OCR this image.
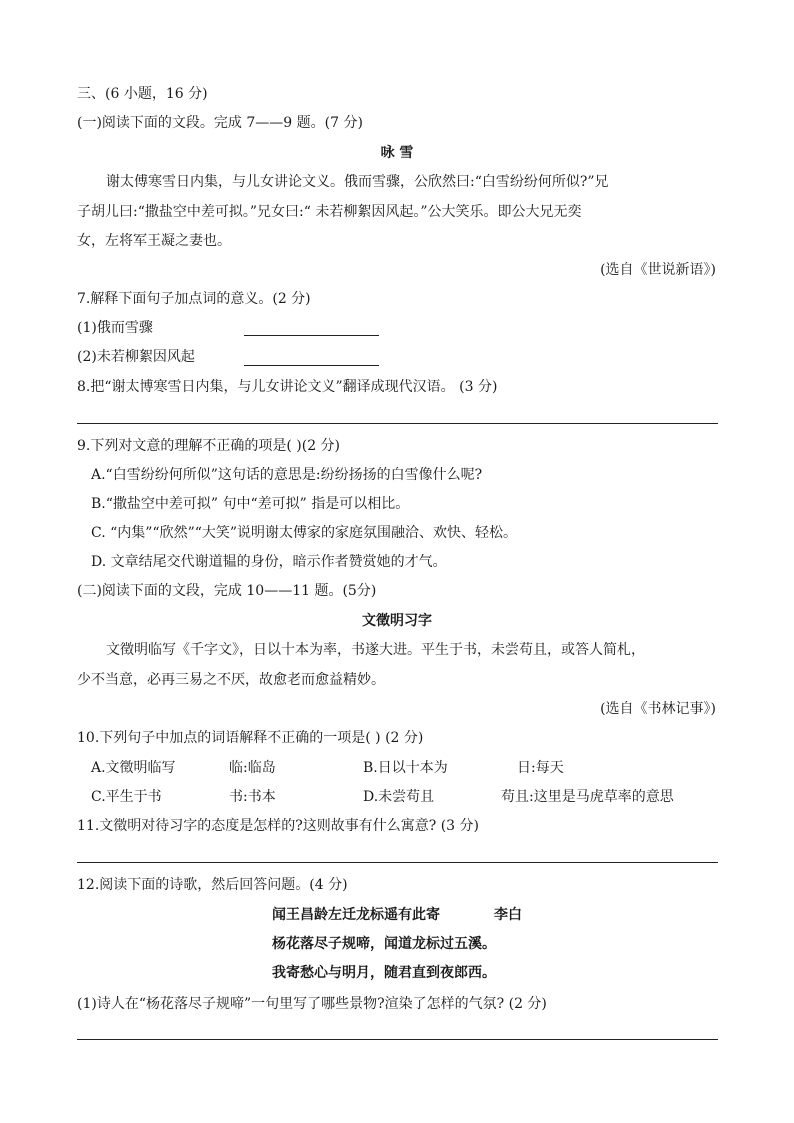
三、(6 小题，16 分)
(一)阅读下面的文段。完成 7——9 题。(7 分)
咏 雪
谢太傅寒雪日内集，与儿女讲论文义。俄而雪骤，公欣然曰:“白雪纷纷何所似?”兄
子胡儿曰:“撒盐空中差可拟。”兄女曰:“ 未若柳絮因风起。”公大笑乐。即公大兄无奕
女，左将军王凝之妻也。
(选自《世说新语》)
7.解释下面句子加点词的意义。(2 分)
(1)俄而雪骤
(2)未若柳絮因风起
8.把“谢太博寒雪日内集，与儿女讲论文义”翻译成现代汉语。 (3 分)
9.下列对文意的理解不正确的项是( )(2 分)
A.“白雪纷纷何所似”这句话的意思是:纷纷扬扬的白雪像什么呢?
B.“撒盐空中差可拟” 句中“差可拟” 指是可以相比。
C. “内集”“欣然”“大笑”说明谢太傅家的家庭氛围融洽、欢快、轻松。
D. 文章结尾交代谢道韫的身份，暗示作者赞赏她的才气。
(二)阅读下面的文段，完成 10——11 题。(5分)
文徵明习字
文徵明临写《千字文》，日以十本为率，书遂大进。平生于书，未尝苟且，或答人简札，
少不当意，必再三易之不厌，故愈老而愈益精妙。
(选自《书林记事》)
10.下列句子中加点的词语解释不正确的一项是( ) (2 分)
A.文徵明临写	临:临岛	B.日以十本为	日:每天
C.平生于书	书:书本	D.未尝苟且	苟且:这里是马虎草率的意思
11.文徵明对待习字的态度是怎样的?这则故事有什么寓意? (3 分)
12.阅读下面的诗歌，然后回答问题。(4 分)
闻王昌龄左迁龙标遥有此寄	李白
杨花落尽子规啼，闻道龙标过五溪。
我寄愁心与明月，随君直到夜郎西。
(1)诗人在“杨花落尽子规啼”一句里写了哪些景物?渲染了怎样的气氛? (2 分)
